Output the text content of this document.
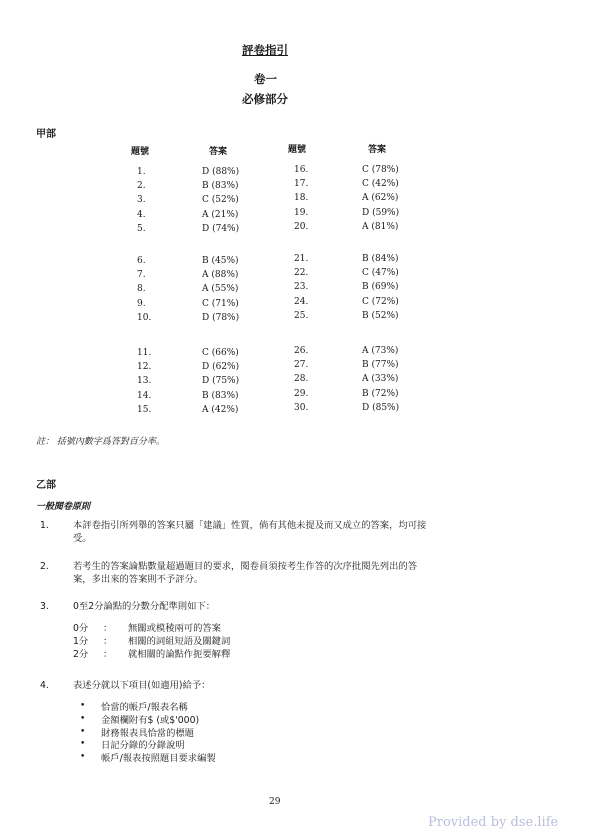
評卷指引
卷一
必修部分
甲部
題號	答案	題號	答案
1.	D (88%)	16.	C (78%)
2.	B (83%)	17.	C (42%)
3.	C (52%)	18.	A (62%)
4.	A (21%)	19.	D (59%)
5.	D (74%)	20.	A (81%)
6.	B (45%)	21.	B (84%)
7.	A (88%)	22.	C (47%)
8.	A (55%)	23.	B (69%)
9.	C (71%)	24.	C (72%)
10.	D (78%)	25.	B (52%)
11.	C (66%)	26.	A (73%)
12.	D (62%)	27.	B (77%)
13.	D (75%)	28.	A (33%)
14.	B (83%)	29.	B (72%)
15.	A (42%)	30.	D (85%)
註： 括號內數字爲答對百分率。
乙部
一般閱卷原則
1.	本評卷指引所列舉的答案只屬「建議」性質，倘有其他未提及而又成立的答案，均可接
受。
2.	若考生的答案論點數量超過題目的要求，閱卷員須按考生作答的次序批閱先列出的答
案，多出來的答案則不予評分。
3.	0至2分論點的分數分配準則如下：
0分 ： 無關或模稜兩可的答案
1分 ： 相關的詞組短語及關鍵詞
2分 ： 就相關的論點作扼要解釋
4.	表述分就以下項目(如適用)給予：
• 恰當的帳戶/報表名稱
• 金額欄附有$ (或$'000)
• 財務報表具恰當的標題
• 日記分錄的分錄說明
• 帳戶/報表按照題目要求編製
29
Provided by dse.life
